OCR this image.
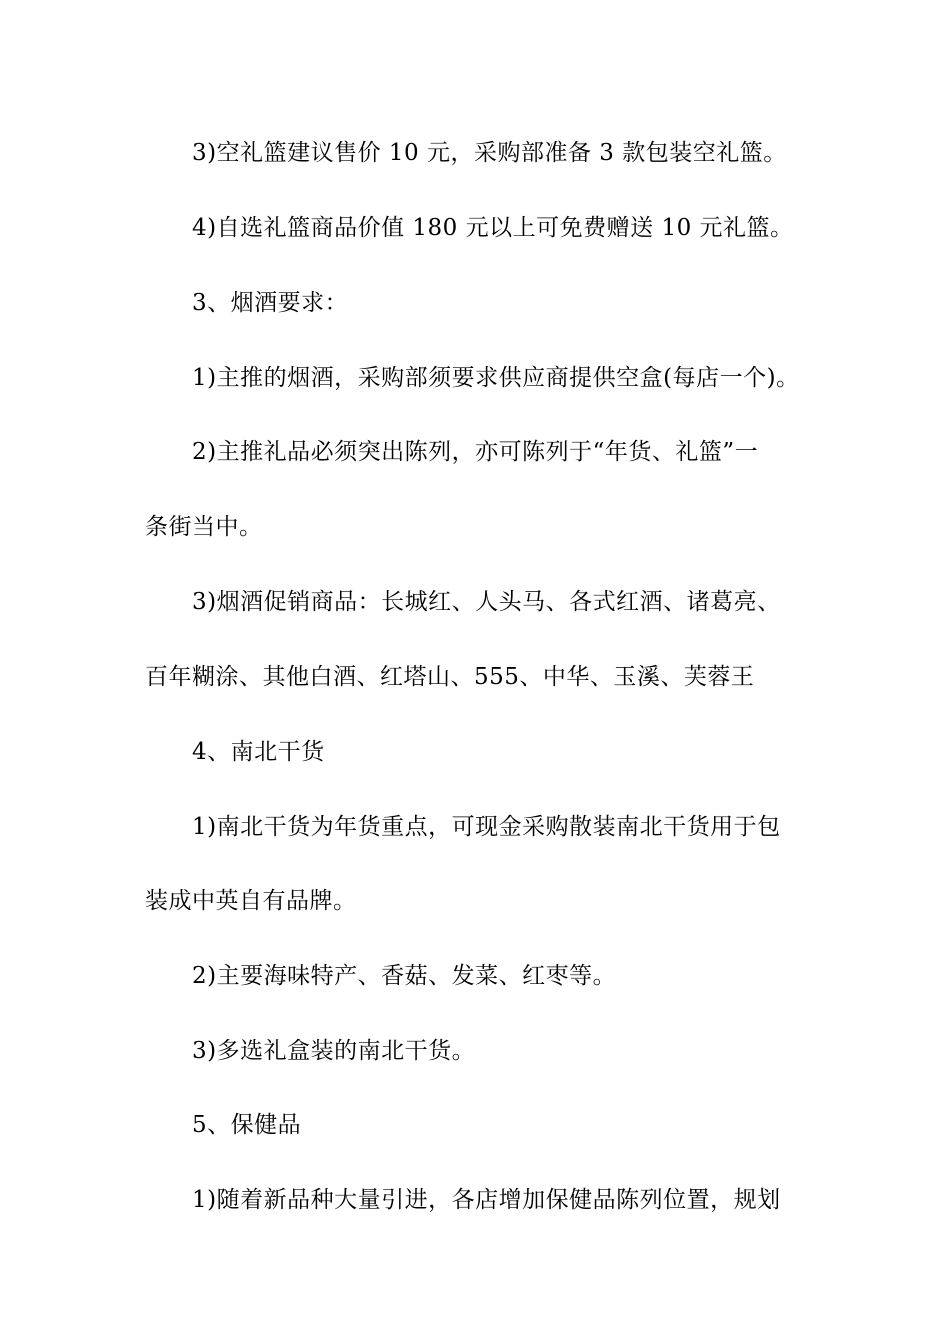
3)空礼篮建议售价 10 元，采购部准备 3 款包装空礼篮。
4)自选礼篮商品价值 180 元以上可免费赠送 10 元礼篮。
3、烟酒要求：
1)主推的烟酒，采购部须要求供应商提供空盒(每店一个)。
2)主推礼品必须突出陈列，亦可陈列于“年货、礼篮”一
条街当中。
3)烟酒促销商品：长城红、人头马、各式红酒、诸葛亮、
百年糊涂、其他白酒、红塔山、555、中华、玉溪、芙蓉王
4、南北干货
1)南北干货为年货重点，可现金采购散装南北干货用于包
装成中英自有品牌。
2)主要海味特产、香菇、发菜、红枣等。
3)多选礼盒装的南北干货。
5、保健品
1)随着新品种大量引进，各店增加保健品陈列位置，规划
